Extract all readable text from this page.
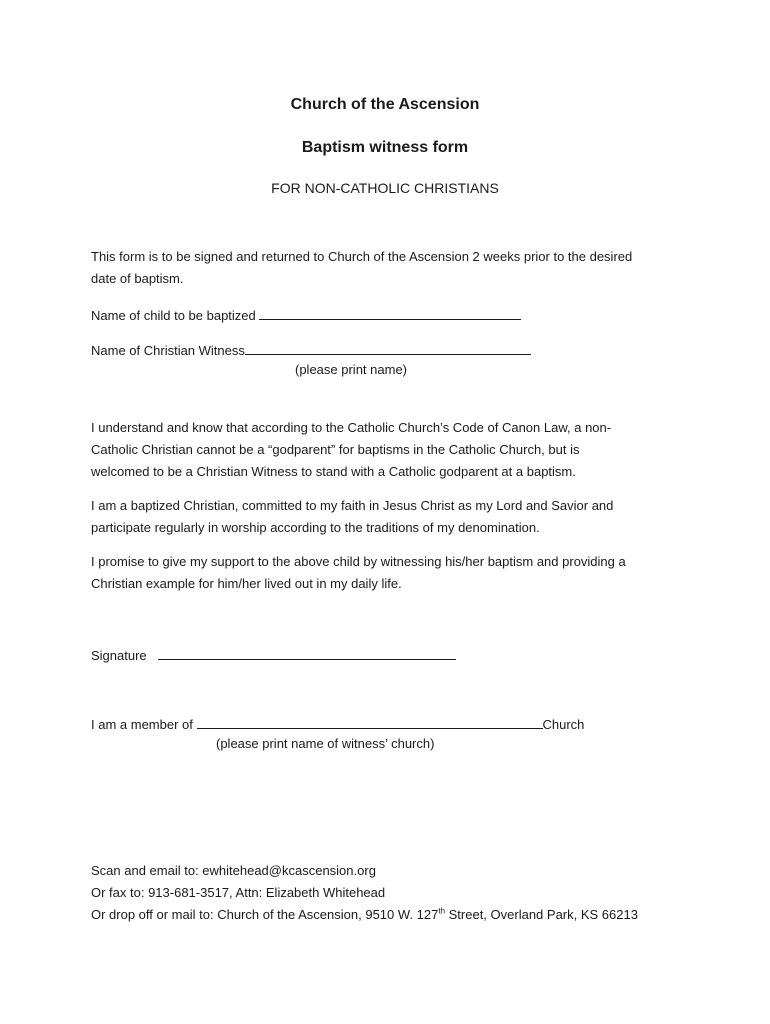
Church of the Ascension
Baptism witness form
FOR NON-CATHOLIC CHRISTIANS
This form is to be signed and returned to Church of the Ascension 2 weeks prior to the desired
date of baptism.
Name of child to be baptized
Name of Christian Witness
(please print name)
I understand and know that according to the Catholic Church’s Code of Canon Law, a non-
Catholic Christian cannot be a “godparent” for baptisms in the Catholic Church, but is
welcomed to be a Christian Witness to stand with a Catholic godparent at a baptism.
I am a baptized Christian, committed to my faith in Jesus Christ as my Lord and Savior and
participate regularly in worship according to the traditions of my denomination.
I promise to give my support to the above child by witnessing his/her baptism and providing a
Christian example for him/her lived out in my daily life.
Signature
I am a member of	Church
(please print name of witness’ church)
Scan and email to: ewhitehead@kcascension.org
Or fax to: 913-681-3517, Attn: Elizabeth Whitehead
Or drop off or mail to: Church of the Ascension, 9510 W. 127th Street, Overland Park, KS 66213
